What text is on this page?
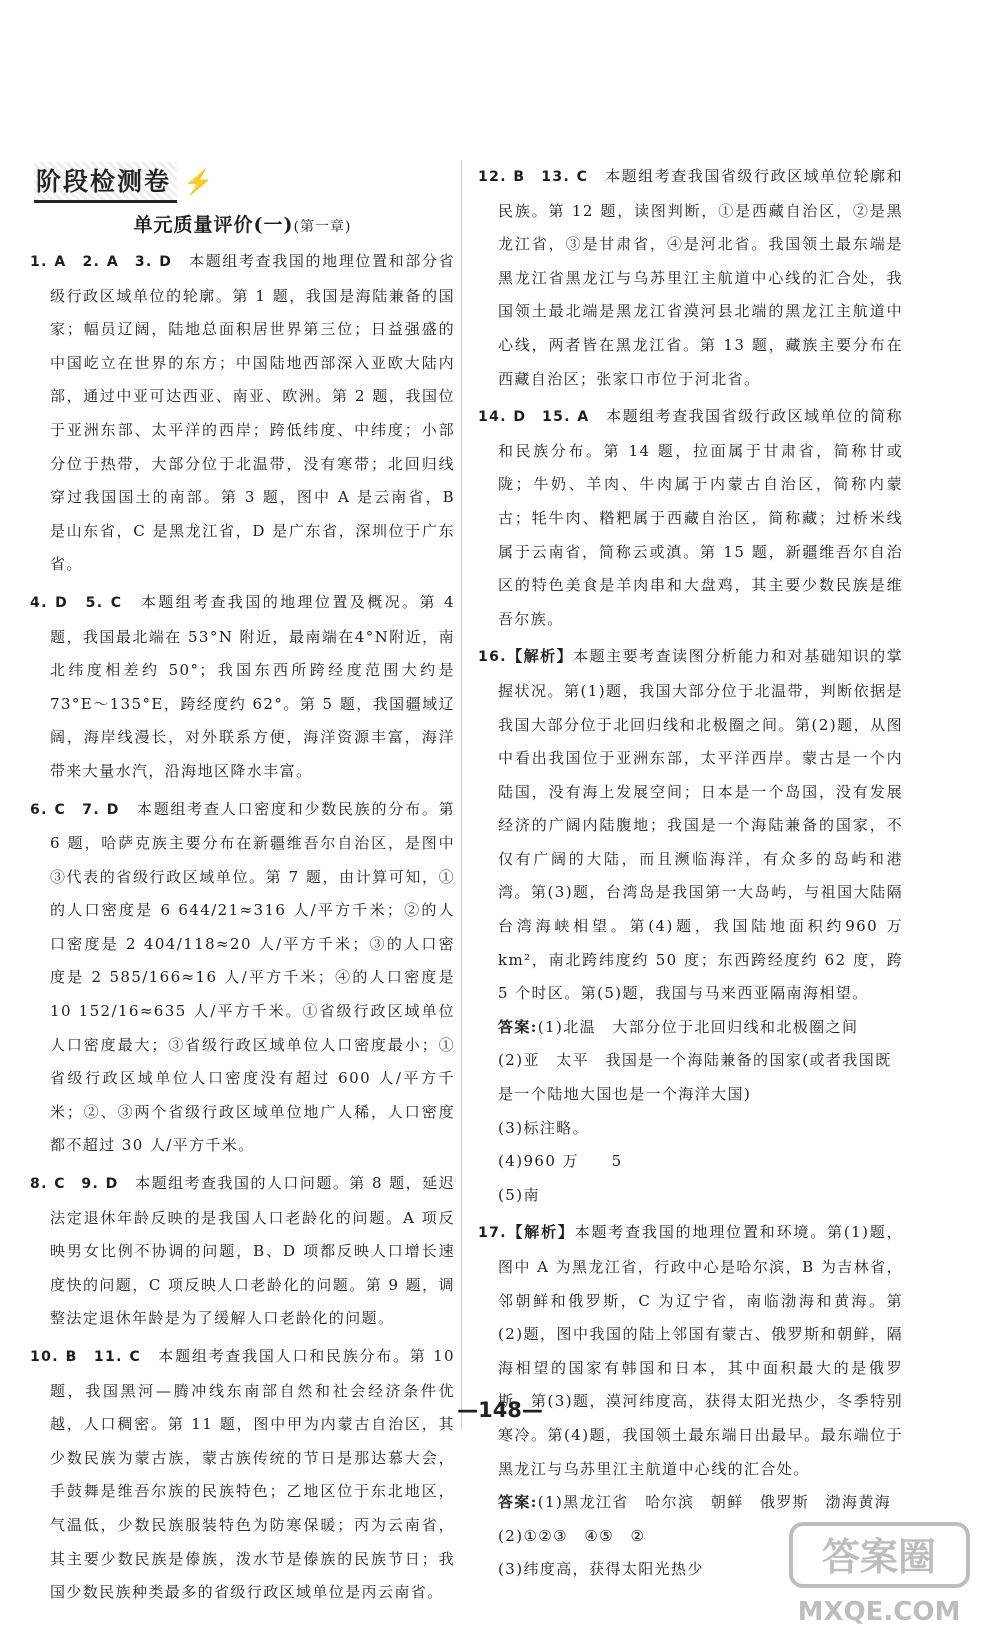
阶段检测卷 ⚡
单元质量评价(一)(第一章)

1. A　2. A　3. D　本题组考查我国的地理位置和部分省级行政区域单位的轮廓。第 1 题，我国是海陆兼备的国家；幅员辽阔，陆地总面积居世界第三位；日益强盛的中国屹立在世界的东方；中国陆地西部深入亚欧大陆内部，通过中亚可达西亚、南亚、欧洲。第 2 题，我国位于亚洲东部、太平洋的西岸；跨低纬度、中纬度；小部分位于热带，大部分位于北温带，没有寒带；北回归线穿过我国国土的南部。第 3 题，图中 A 是云南省，B 是山东省，C 是黑龙江省，D 是广东省，深圳位于广东省。

4. D　5. C　本题组考查我国的地理位置及概况。第 4 题，我国最北端在 53°N 附近，最南端在4°N附近，南北纬度相差约 50°；我国东西所跨经度范围大约是 73°E～135°E，跨经度约 62°。第 5 题，我国疆域辽阔，海岸线漫长，对外联系方便，海洋资源丰富，海洋带来大量水汽，沿海地区降水丰富。

6. C　7. D　本题组考查人口密度和少数民族的分布。第 6 题，哈萨克族主要分布在新疆维吾尔自治区，是图中③代表的省级行政区域单位。第 7 题，由计算可知，①的人口密度是 6 644/21≈316 人/平方千米；②的人口密度是 2 404/118≈20 人/平方千米；③的人口密度是 2 585/166≈16 人/平方千米；④的人口密度是10 152/16≈635 人/平方千米。①省级行政区域单位人口密度最大；③省级行政区域单位人口密度最小；①省级行政区域单位人口密度没有超过 600 人/平方千米；②、③两个省级行政区域单位地广人稀，人口密度都不超过 30 人/平方千米。

8. C　9. D　本题组考查我国的人口问题。第 8 题，延迟法定退休年龄反映的是我国人口老龄化的问题。A 项反映男女比例不协调的问题，B、D 项都反映人口增长速度快的问题，C 项反映人口老龄化的问题。第 9 题，调整法定退休年龄是为了缓解人口老龄化的问题。

10. B　11. C　本题组考查我国人口和民族分布。第 10 题，我国黑河—腾冲线东南部自然和社会经济条件优越，人口稠密。第 11 题，图中甲为内蒙古自治区，其少数民族为蒙古族，蒙古族传统的节日是那达慕大会，手鼓舞是维吾尔族的民族特色；乙地区位于东北地区，气温低，少数民族服装特色为防寒保暖；丙为云南省，其主要少数民族是傣族，泼水节是傣族的民族节日；我国少数民族种类最多的省级行政区域单位是丙云南省。

12. B　13. C　本题组考查我国省级行政区域单位轮廓和民族。第 12 题，读图判断，①是西藏自治区，②是黑龙江省，③是甘肃省，④是河北省。我国领土最东端是黑龙江省黑龙江与乌苏里江主航道中心线的汇合处，我国领土最北端是黑龙江省漠河县北端的黑龙江主航道中心线，两者皆在黑龙江省。第 13 题，藏族主要分布在西藏自治区；张家口市位于河北省。

14. D　15. A　本题组考查我国省级行政区域单位的简称和民族分布。第 14 题，拉面属于甘肃省，简称甘或陇；牛奶、羊肉、牛肉属于内蒙古自治区，简称内蒙古；牦牛肉、糌粑属于西藏自治区，简称藏；过桥米线属于云南省，简称云或滇。第 15 题，新疆维吾尔自治区的特色美食是羊肉串和大盘鸡，其主要少数民族是维吾尔族。

16.【解析】本题主要考查读图分析能力和对基础知识的掌握状况。第(1)题，我国大部分位于北温带，判断依据是我国大部分位于北回归线和北极圈之间。第(2)题，从图中看出我国位于亚洲东部，太平洋西岸。蒙古是一个内陆国，没有海上发展空间；日本是一个岛国，没有发展经济的广阔内陆腹地；我国是一个海陆兼备的国家，不仅有广阔的大陆，而且濒临海洋，有众多的岛屿和港湾。第(3)题，台湾岛是我国第一大岛屿，与祖国大陆隔台湾海峡相望。第(4)题，我国陆地面积约960 万 km²，南北跨纬度约 50 度；东西跨经度约 62 度，跨 5 个时区。第(5)题，我国与马来西亚隔南海相望。

答案:(1)北温　大部分位于北回归线和北极圈之间
(2)亚　太平　我国是一个海陆兼备的国家(或者我国既是一个陆地大国也是一个海洋大国)
(3)标注略。
(4)960 万　　5
(5)南

17.【解析】本题考查我国的地理位置和环境。第(1)题，图中 A 为黑龙江省，行政中心是哈尔滨，B 为吉林省，邻朝鲜和俄罗斯，C 为辽宁省，南临渤海和黄海。第(2)题，图中我国的陆上邻国有蒙古、俄罗斯和朝鲜，隔海相望的国家有韩国和日本，其中面积最大的是俄罗斯。第(3)题，漠河纬度高，获得太阳光热少，冬季特别寒冷。第(4)题，我国领土最东端日出最早。最东端位于黑龙江与乌苏里江主航道中心线的汇合处。

答案:(1)黑龙江省　哈尔滨　朝鲜　俄罗斯　渤海黄海
(2)①②③　④⑤　②
(3)纬度高，获得太阳光热少
—148—
答案圈
MXQE.COM
